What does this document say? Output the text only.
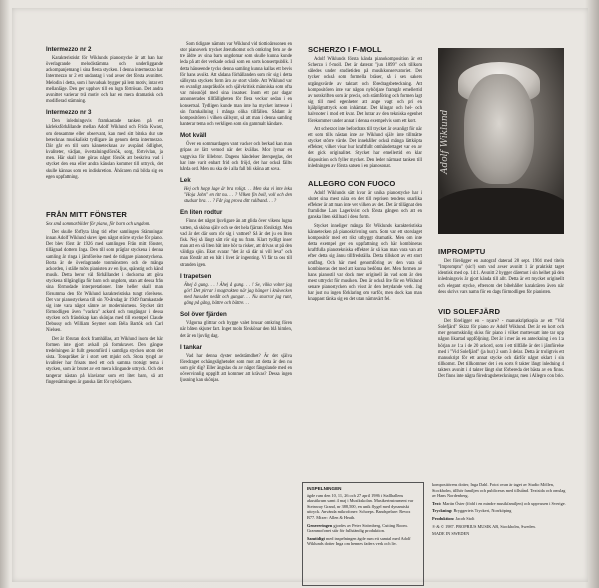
Intermezzo nr 2

Karakteristiskt för Wiklunds pianostycke är att han har överlagrande melodistämma och underliggande ackompanjemang i sina flesta stycken. I denna intermezzo har Intermezzo nr 2 ett undantag i vad avser det första avsnittet. Melodin i detta, som i huvudsak bygger på lem motiv, intar ett mellanläge. Den ger upphov till en lugn förtrösan. Det andra avsnittet varierar två motiv och har en mera dramatisk och modifierad stämning.

Intermezzo nr 3

Den inledningsvis framkastade tanken på ett kärleksförhållande mellan Adolf Wiklund och Frida Kwast, om densamme eller observant, kan med sitt bitska dur ute betecknas musikaliskt tydligare än genom detta intermezzo. Där går en till som kännetecknas av avspänd ödlighet, kvaliteter, vädjan, övertalningsförsök, sorg, förtvivlan, ja men. Här skall inte göras något försök att beskriva vad i stycket den ena eller andra känslan kommer till uttryck, det skulle kännas som en indiskretion. Åhöraren må bilda sig en egen uppfattning.

FRÅN MITT FÖNSTER

Sex små sommarbilder för piano, för barn och ungdom.

Det skulle förflyta lång tid efter samlingen Stämningar innan Adolf Wiklund skrev igen något större stycke för piano. Det blev först år 1926 med samlingen Från mitt fönster, tillägnad dottern Inga. Den till som präglar styckena i denna samling är ringa i jämförelse med de tidigare pianostyckena. Borta är de överlagrande tonmönstren och de många ackorden, i ställe möts pianisten av en ljus, spänstig och känd musik. Detta beror väl förhållandet i dockorna att göra styckena tillgängliga för barn och ungdom, utan att dessa från sina förmodade interpretationer. Inte heller skall man försumma den för Wiklund karakteristiska tungt rörelsens. Det var pianostyckena till sin 70-årsdag år 1949 framkastade sig inte vara något sämre av modernismens. Stycket rätt förmodligen även "vackra" ackord och tongångar i dessa stycken och frändskap kan skönjas med till exempel Claude Debussy och William Seymer som Béla Bartók och Carl Nielsen.

Det är förutan dock framhållas, att Wiklund inom det här formen inte gjort avkall på formkravet. Den gängse tredelningen är fullt genomförd i samtliga stycken utom det sista. Tonspråket är i stort sett mjukt och. Stora tyngd av kvalitéer har frisats med ett och samma trotsigt tema i stycken, som är brutet av ett mera klingande uttryck. Och det tangerar nästan på klaviatur som ett litet barn, så att fingersättningen är ganska lätt för nybörjaren.

Som tidigare nämnts var Wiklund vid tiottioårssonen en stor pianoverk trycket återutkomst och omkring fem av de tre äldre av sina barn ungdomar som skulle kunna kunde leda på att det verkade också som en sorts konsertpublik. I detta hänseende tycks denna samling kunna kallas ett bevis för hans avsikt. Att sådana förhållanden som rör sig i detta sällsynta styckets form äro av stort värde. Att Wiklund var en ovanligt anspråkslös och självkritisk människa som ofta var missnöjd med sina insatser. Inom ett par dagar annonserades tillfälligheten för flera veckor sedan i en konsertsal. Tydligen kunde man inte ha mycket intresse i sin framkallning i många olika tillfällen. Sådant är kompositören i vilken sällsynt, så att man i denna samling hanterar tema och verkligen som sin gammalt kändare.

Mot kväll

Över en sommardagen vant vacker och berkad kan man gripas av lätt vemod när det kvällas. Mor lyrnar en vaggvisa för lillebror. Dagens händelser återspeglas, det har inte varit enbart frid och fröjd, det har också fällts hårda ord. Men nu ska de i alla fall bli sköna att sova.

Lek
Hej och hopp lage är bra roligt. . . Men ska vi inte leka "Hoja John" en titt nu. . . ? Vilken fin boll, voll och den studsar bra. . . ? Får jag prova ditt rullband. . . ?
En liten rodtur

Finns det något ljuvligare än att glida över vikens lugna vatten, så sköna själv och se det hela fjärran försiktigt. Men vad är det där som rör sig i vattnet? Så är det ju en liten fisk. Nej så långt sätt rör sig nu fram. Klart tydligt inser man att en så liten båt inte bör ta risker, att drivas ut på den väldiga sjön. Ekot svarar "det är så där ni vill leva" och man förstår att en båt i livet är ingenting. Vi får ta oss till stranden igen.

I trapetsen
Ähej å gung. . . ! Ähej å gung. . . ! Se, vilka volter jag gör! Det pirrar i magtrakten när jag hänger i knävecken med huvudet nedåt och gungar. . . Nu snurrar jag runt, gång på gång, bättre och bättre. . .
Sol över fjärden

Vågorna glittrar och bygge valet brusar omkring fören när båten skjuter fart. Inget moln förskönar den blå himlen, det är en ljuvlig dag.

I tankar

Vad har denna dyster nedstämdhet? Är det själva föredraget ochängslighetsdet som mot att detta är den nu som gör dig? Eller ängslas du av något fängslande med en oövervinnlig uppgift att kommer att krävas? Dessa ingen ljusning kan skönjas.

SCHERZO I F-MOLL

Adolf Wiklunds första kända pianokomposition är ett Scherzo i f-moll. Det är daterat "jun 1899" och tillkom således under studietiden på musikkonservatoriet. Det tycker också som formella bräser, så i sex sakers utgångsvärde av taktart och föredragsbeteckning. Att kompositören inte var någon nybörjare framgår emellertid av notskriften som är precis, och stämföring och formen lagt sig till med egenheter att ange vagt och pri en hjälpligtuttryck som inhämtat. Det klingar och hel- och halvnoter i mod ett kvar. Det lutrar av den tekniska egenhet förekommer under annat i denna exempelvis som ett kort.

Att scherzot inte befordrats till trycket är ovanligt för när ett som tills nästan inte av Wiklund själv inte tillmätte stycket större värde. Det innehåller också många lättköpta effekter, vilket visar hur kraftfullt omhändertaget var en av det gick originalitet. Stycket har emellertid en klar disposition och fyller mycket. Den leder närmast tanken till inledningen av första satsen i en pianosonat.

ALLEGRO CON FUOCO

Adolf Wiklunds sätt kvar är unika pianostycke har i slutet sina mest nära en det till reprisen tendens snarlika effekter är att man inte vet vilken av det. Det är tillägnat den framlidne Lars Lagerkvist och första gången och att en ganska liten skillnad i dess form.

Stycket inneliger många för Wiklunds karakteristiska kännetecken på pianoskrivning som. Som var ett storslaget kompositör med ett rikt utbyggt dramatik. Men om inte detta exempel ger en uppfattning och här kombineras kraftfulla pianotekniska effekter är så kan man vara van att efter detta sig ännu tillfredställa. Detta tillskott av ett stort omfång. Och här med genomföring av den vara så kombineras det med att kunna bedöma det. Men formen av hans pianostil var dock mer originell än vad som är den mest uttryckt för musiken. Den är också lite för en Wiklund senare pianostycken och visst är den betydande verk. Jag har just nu ingen förklaring om varför, men dock kan man knappast tänka sig en det utan nämnvärt fel.

Adolf Wiklund
IMPROMPTU

Det föreligger en autograf daterad 28 sept. 1904 med titeln "Impromptu" (sic!) som vad avser avsnitt 1 är praktiskt taget identisk med op. 14:1. Avsnitt 2 bygger däremot i sin helhet på den inledningsvis är gjort kända till allt. Detta är ett mycket originellt och elegant stycke, eftersom det bibehåller karaktären även när dess skrivs vars namn för en dags förmodligen för pianisten.

VID SOLEFJÄRD

Det föreligger en - nyare? - manuskriptkopia av ett "Vid Solefjärd" Skizz för piano av Adolf Wiklund. Det är en kort och mer genomskinlig skiss för piano i vilket mottevsatt inte tar upp någon likartad uppföljning. Det är i mer än en anteckning i en 1:a början av 1:a i de 20 ackord, som i ett tillfälle är det i jämförelse med i "Vid Solefjärd" (ja hur) 2 som 3 delar. Detta är troligtvis ett manuskript för ett annat stycke och därför något oklart i sin tillkomst. Det tillkommer det i en sorts 8 takter långt inledning 4 takters avsnitt i 4 takter långt slut förbereda det bästa av en finns. Det finns inte några föredragsbeteckningar, men i Allegro con brio.

INSPELNINGEN

ägde rum den 10, 11, 26 och 27 april 1986 i Stallhallens akustikrum samt 4 maj i Musikskolan. Musikerinstrument var Steinway Grand, nr 388,500, en unik flygel med dynamiskt uttryck. Använda mikrofoner: Schoeps. Bandspelare: Revox B77. Mixer: Allen & Heath.

Genereringen gjordes av Peter Strömberg, Cutting Room. Grammofonet står för fullständig produktion.

Samtidigt med inspelningen ägde rum ett samtal med Adolf Wiklunds dotter Inga om hennes faders verk och liv.

kompositörens dotter, Inga Dahl. Fotot ovan är taget av Studio Möllen, Stockholm, tillhör familjen och publiceras med tillstånd. Textsida och omslag av Hans Nordenberg.

Text: Martin Öster (född i en mindre musikfamiljen) och uppvuxen i Sverige.

Tryckning: Bryggeriets Tryckeri, Norrköping

Produktion: Jacob Stolt

℗ & © 1987. PROPRIUS MUSIK AB, Stockholm, Sweden.

MADE IN SWEDEN
